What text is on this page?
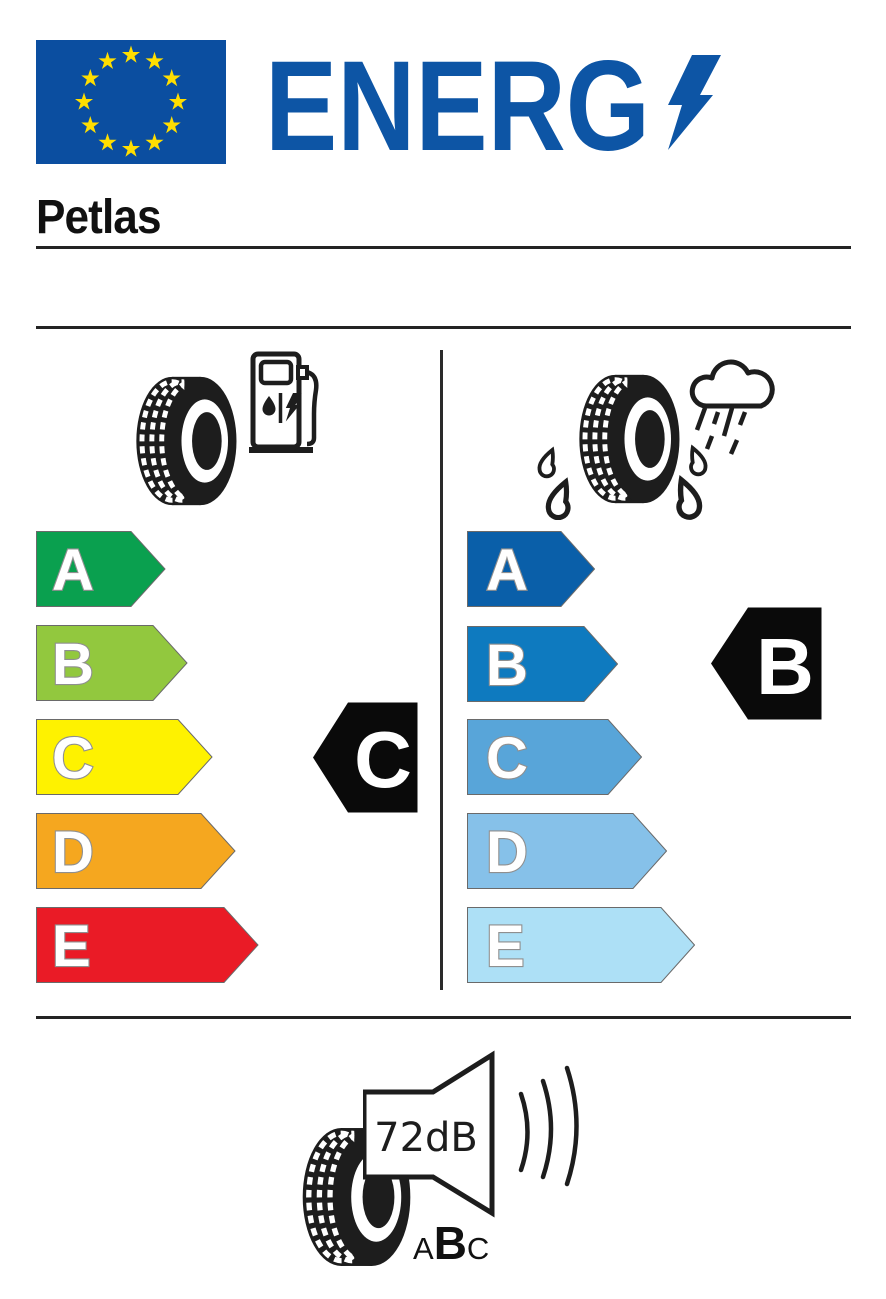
ENERG
Petlas
A
B
C
D
E
C
A
B
C
D
E
B
72dB
A B C
